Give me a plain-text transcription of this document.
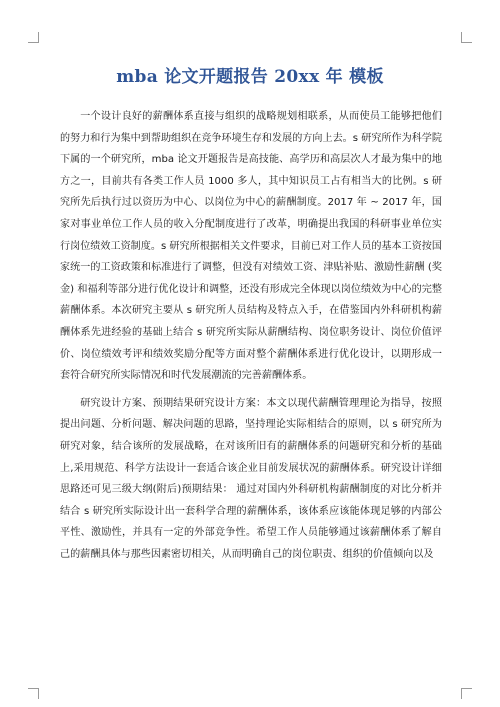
mba 论文开题报告 20xx 年 模板

一个设计良好的薪酬体系直接与组织的战略规划相联系，从而使员工能够把他们的努力和行为集中到帮助组织在竞争环境生存和发展的方向上去。s 研究所作为科学院下属的一个研究所，mba 论文开题报告是高技能、高学历和高层次人才最为集中的地方之一，目前共有各类工作人员 1000 多人，其中知识员工占有相当大的比例。s 研究所先后执行过以资历为中心、以岗位为中心的薪酬制度。2017 年 ~ 2017 年，国家对事业单位工作人员的收入分配制度进行了改革，明确提出我国的科研事业单位实行岗位绩效工资制度。s 研究所根据相关文件要求，目前已对工作人员的基本工资按国家统一的工资政策和标准进行了调整，但没有对绩效工资、津贴补贴、激励性薪酬 (奖金) 和福利等部分进行优化设计和调整，还没有形成完全体现以岗位绩效为中心的完整薪酬体系。本次研究主要从 s 研究所人员结构及特点入手，在借鉴国内外科研机构薪酬体系先进经验的基础上结合 s 研究所实际从薪酬结构、岗位职务设计、岗位价值评价、岗位绩效考评和绩效奖励分配等方面对整个薪酬体系进行优化设计，以期形成一套符合研究所实际情况和时代发展潮流的完善薪酬体系。

研究设计方案、预期结果研究设计方案：本文以现代薪酬管理理论为指导，按照提出问题、分析问题、解决问题的思路，坚持理论实际相结合的原则，以 s 研究所为研究对象，结合该所的发展战略，在对该所旧有的薪酬体系的问题研究和分析的基础上,采用规范、科学方法设计一套适合该企业目前发展状况的薪酬体系。研究设计详细思路还可见三级大纲(附后)预期结果： 通过对国内外科研机构薪酬制度的对比分析并结合 s 研究所实际设计出一套科学合理的薪酬体系，该体系应该能体现足够的内部公平性、激励性，并具有一定的外部竞争性。希望工作人员能够通过该薪酬体系了解自己的薪酬具体与那些因素密切相关，从而明确自己的岗位职责、组织的价值倾向以及
